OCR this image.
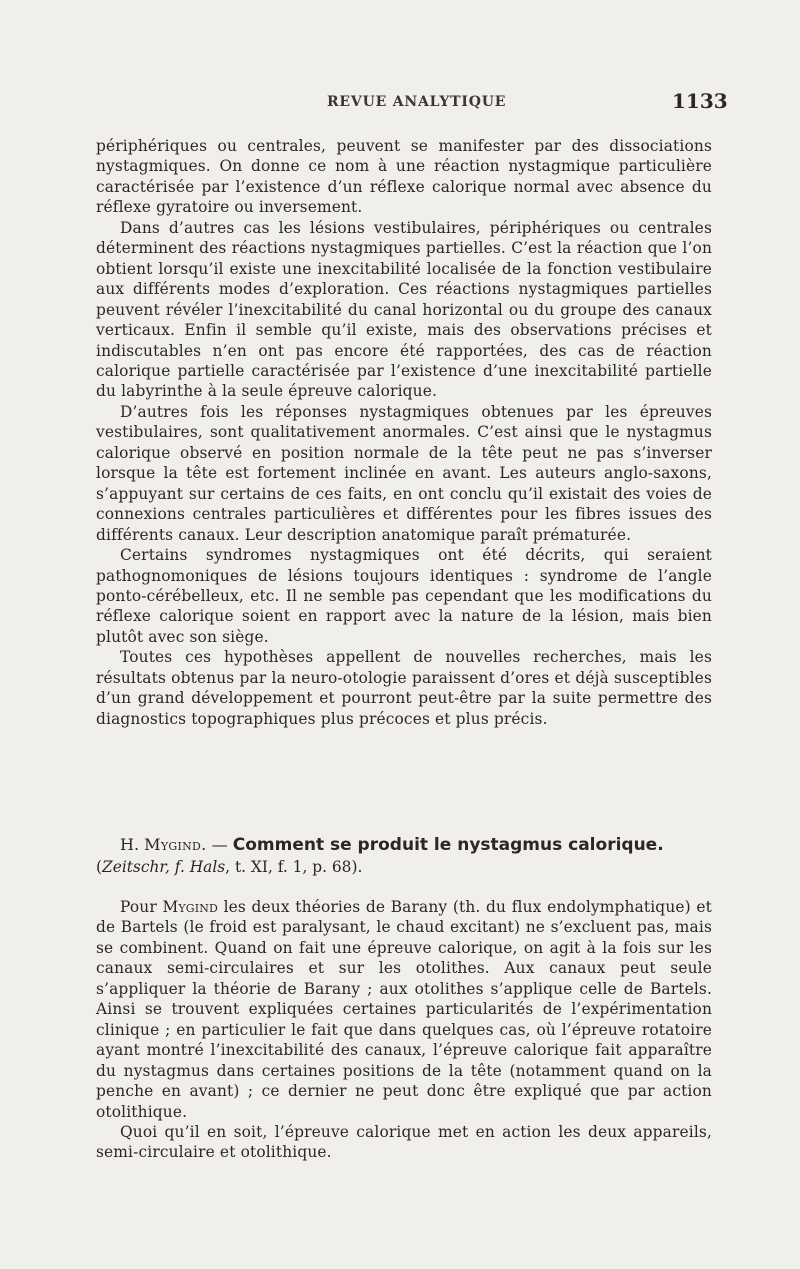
REVUE ANALYTIQUE	1133

périphériques ou centrales, peuvent se manifester par des dissociations nystagmiques. On donne ce nom à une réaction nystagmique particulière caractérisée par l’existence d’un réflexe calorique normal avec absence du réflexe gyratoire ou inversement.

Dans d’autres cas les lésions vestibulaires, périphériques ou centrales déterminent des réactions nystagmiques partielles. C’est la réaction que l’on obtient lorsqu’il existe une inexcitabilité localisée de la fonction vestibulaire aux différents modes d’exploration. Ces réactions nystagmiques partielles peuvent révéler l’inexcitabilité du canal horizontal ou du groupe des canaux verticaux. Enfin il semble qu’il existe, mais des observations précises et indiscutables n’en ont pas encore été rapportées, des cas de réaction calorique partielle caractérisée par l’existence d’une inexcitabilité partielle du labyrinthe à la seule épreuve calorique.

D’autres fois les réponses nystagmiques obtenues par les épreuves vestibulaires, sont qualitativement anormales. C’est ainsi que le nystagmus calorique observé en position normale de la tête peut ne pas s’inverser lorsque la tête est fortement inclinée en avant. Les auteurs anglo-saxons, s’appuyant sur certains de ces faits, en ont conclu qu’il existait des voies de connexions centrales particulières et différentes pour les fibres issues des différents canaux. Leur description anatomique paraît prématurée.

Certains syndromes nystagmiques ont été décrits, qui seraient pathognomoniques de lésions toujours identiques : syndrome de l’angle ponto-cérébelleux, etc. Il ne semble pas cependant que les modifications du réflexe calorique soient en rapport avec la nature de la lésion, mais bien plutôt avec son siège.

Toutes ces hypothèses appellent de nouvelles recherches, mais les résultats obtenus par la neuro-otologie paraissent d’ores et déjà susceptibles d’un grand développement et pourront peut-être par la suite permettre des diagnostics topographiques plus précoces et plus précis.

H. Mygind. — Comment se produit le nystagmus calorique.

(Zeitschr, f. Hals, t. XI, f. 1, p. 68).

Pour Mygind les deux théories de Barany (th. du flux endolymphatique) et de Bartels (le froid est paralysant, le chaud excitant) ne s’excluent pas, mais se combinent. Quand on fait une épreuve calorique, on agit à la fois sur les canaux semi-circulaires et sur les otolithes. Aux canaux peut seule s’appliquer la théorie de Barany ; aux otolithes s’applique celle de Bartels. Ainsi se trouvent expliquées certaines particularités de l’expérimentation clinique ; en particulier le fait que dans quelques cas, où l’épreuve rotatoire ayant montré l’inexcitabilité des canaux, l’épreuve calorique fait apparaître du nystagmus dans certaines positions de la tête (notamment quand on la penche en avant) ; ce dernier ne peut donc être expliqué que par action otolithique.

Quoi qu’il en soit, l’épreuve calorique met en action les deux appareils, semi-circulaire et otolithique.
